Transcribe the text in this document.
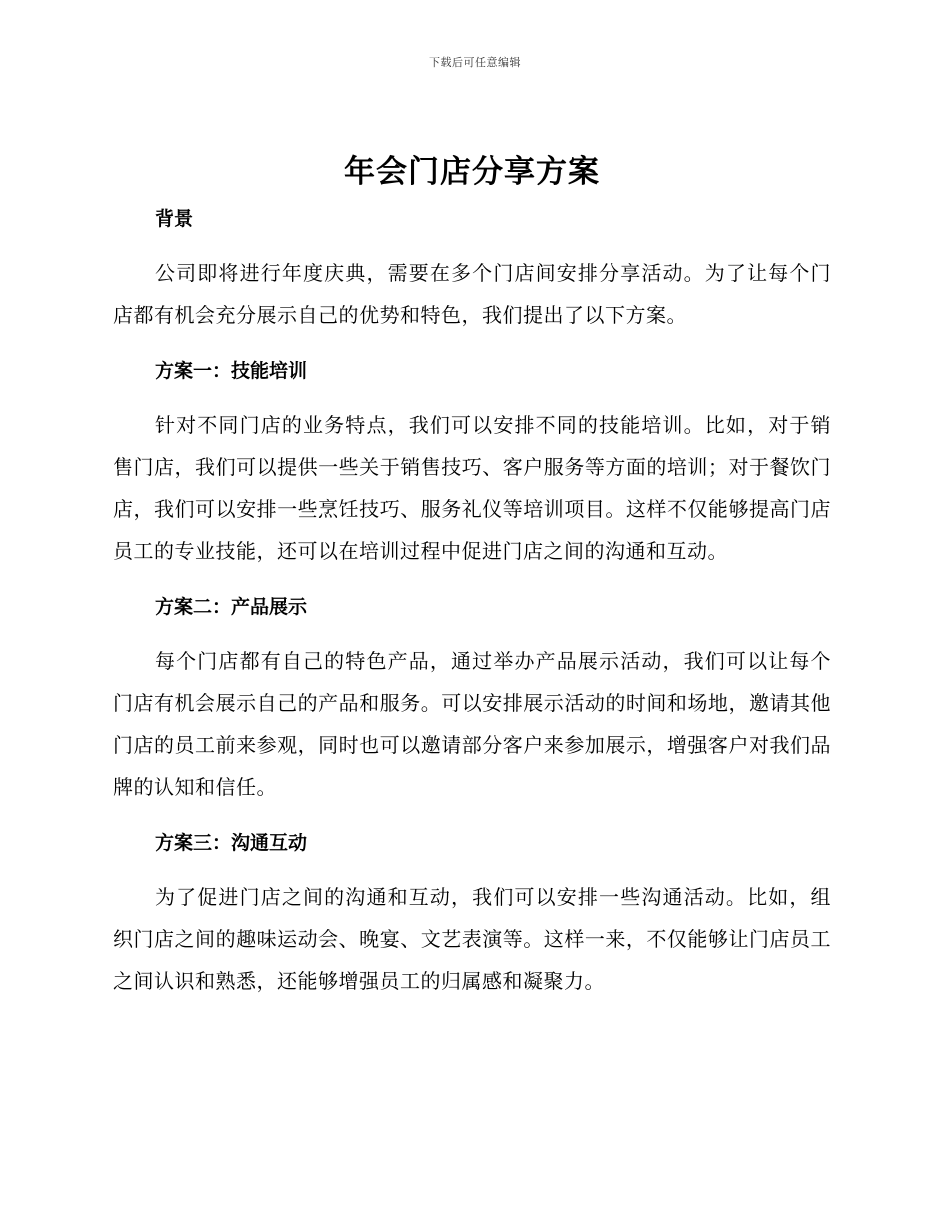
下载后可任意编辑
年会门店分享方案
背景

公司即将进行年度庆典，需要在多个门店间安排分享活动。为了让每个门店都有机会充分展示自己的优势和特色，我们提出了以下方案。

方案一：技能培训

针对不同门店的业务特点，我们可以安排不同的技能培训。比如，对于销售门店，我们可以提供一些关于销售技巧、客户服务等方面的培训；对于餐饮门店，我们可以安排一些烹饪技巧、服务礼仪等培训项目。这样不仅能够提高门店员工的专业技能，还可以在培训过程中促进门店之间的沟通和互动。

方案二：产品展示

每个门店都有自己的特色产品，通过举办产品展示活动，我们可以让每个门店有机会展示自己的产品和服务。可以安排展示活动的时间和场地，邀请其他门店的员工前来参观，同时也可以邀请部分客户来参加展示，增强客户对我们品牌的认知和信任。

方案三：沟通互动

为了促进门店之间的沟通和互动，我们可以安排一些沟通活动。比如，组织门店之间的趣味运动会、晚宴、文艺表演等。这样一来，不仅能够让门店员工之间认识和熟悉，还能够增强员工的归属感和凝聚力。
